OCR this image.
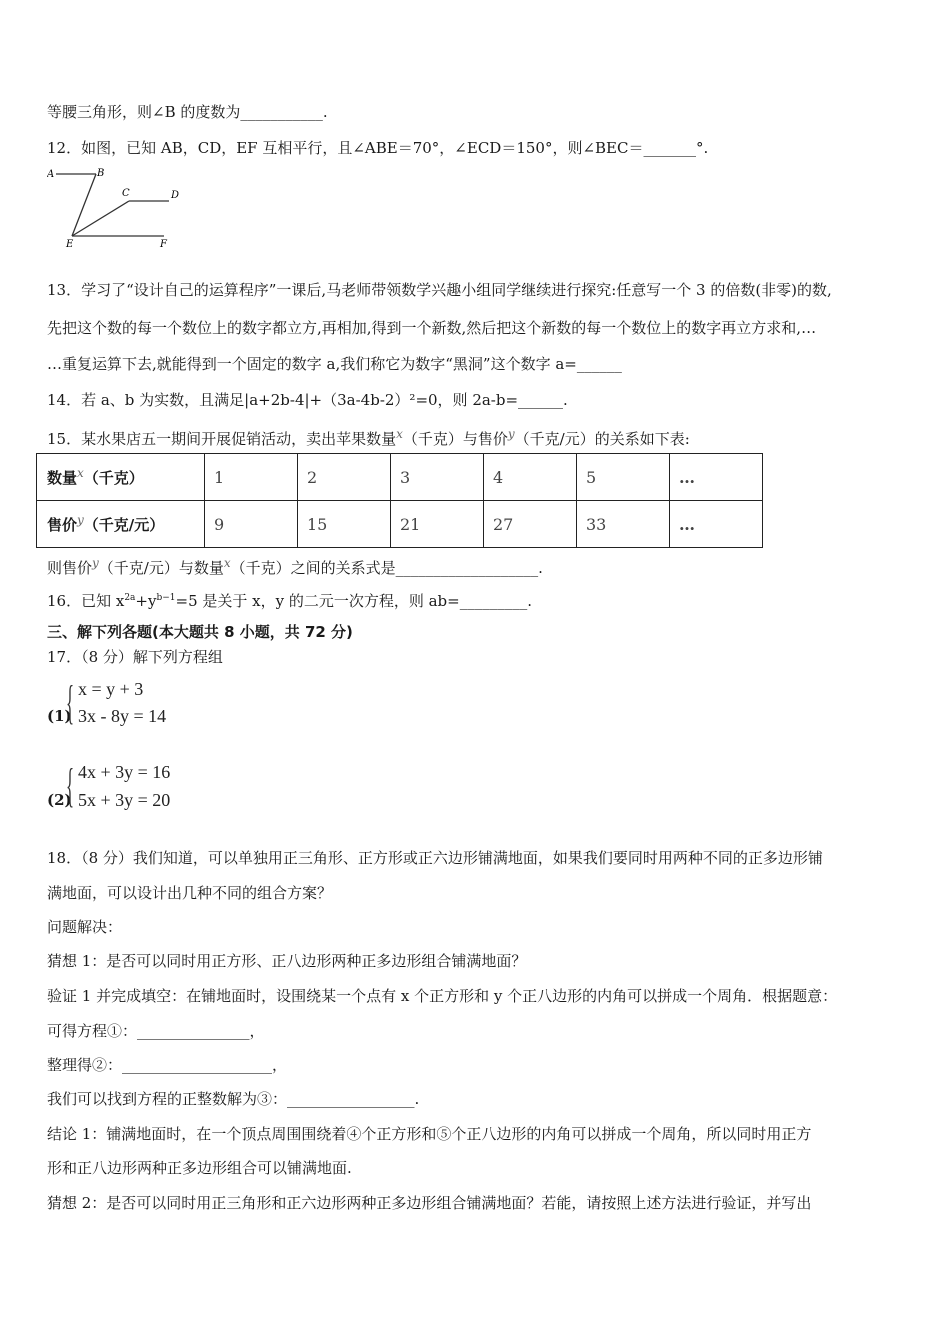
等腰三角形，则∠B 的度数为___________.
12．如图，已知 AB，CD，EF 互相平行，且∠ABE＝70°，∠ECD＝150°，则∠BEC＝_______°.
A	B
C	D
E	F
13．学习了“设计自己的运算程序”一课后,马老师带领数学兴趣小组同学继续进行探究:任意写一个 3 的倍数(非零)的数,
先把这个数的每一个数位上的数字都立方,再相加,得到一个新数,然后把这个新数的每一个数位上的数字再立方求和,…
…重复运算下去,就能得到一个固定的数字 a,我们称它为数字“黑洞”这个数字 a=______
14．若 a、b 为实数，且满足|a+2b-4|+（3a-4b-2）²=0，则 2a-b=______.
15．某水果店五一期间开展促销活动，卖出苹果数量$^x$（千克）与售价$^y$（千克/元）的关系如下表:
数量$^x$（千克）	1	2	3	4	5	…
售价$^y$（千克/元）	9	15	21	27	33	…
则售价$^y$（千克/元）与数量$^x$（千克）之间的关系式是___________________.
16．已知 $x^{2a}+y^{b-1}=5$ 是关于 x，y 的二元一次方程，则 ab=_________.
三、解下列各题(本大题共 8 小题，共 72 分)
17．（8 分）解下列方程组
(1)
{ x = y + 3
3x - 8y = 14
(2)
{ 4x + 3y = 16
5x + 3y = 20
18．（8 分）我们知道，可以单独用正三角形、正方形或正六边形铺满地面，如果我们要同时用两种不同的正多边形铺
满地面，可以设计出几种不同的组合方案？
问题解决：
猜想 1：是否可以同时用正方形、正八边形两种正多边形组合铺满地面？
验证 1 并完成填空：在铺地面时，设围绕某一个点有 x 个正方形和 y 个正八边形的内角可以拼成一个周角．根据题意：
可得方程①：_______________，
整理得②：____________________，
我们可以找到方程的正整数解为③：_________________.
结论 1：铺满地面时，在一个顶点周围围绕着④个正方形和⑤个正八边形的内角可以拼成一个周角，所以同时用正方
形和正八边形两种正多边形组合可以铺满地面.
猜想 2：是否可以同时用正三角形和正六边形两种正多边形组合铺满地面？若能，请按照上述方法进行验证，并写出
